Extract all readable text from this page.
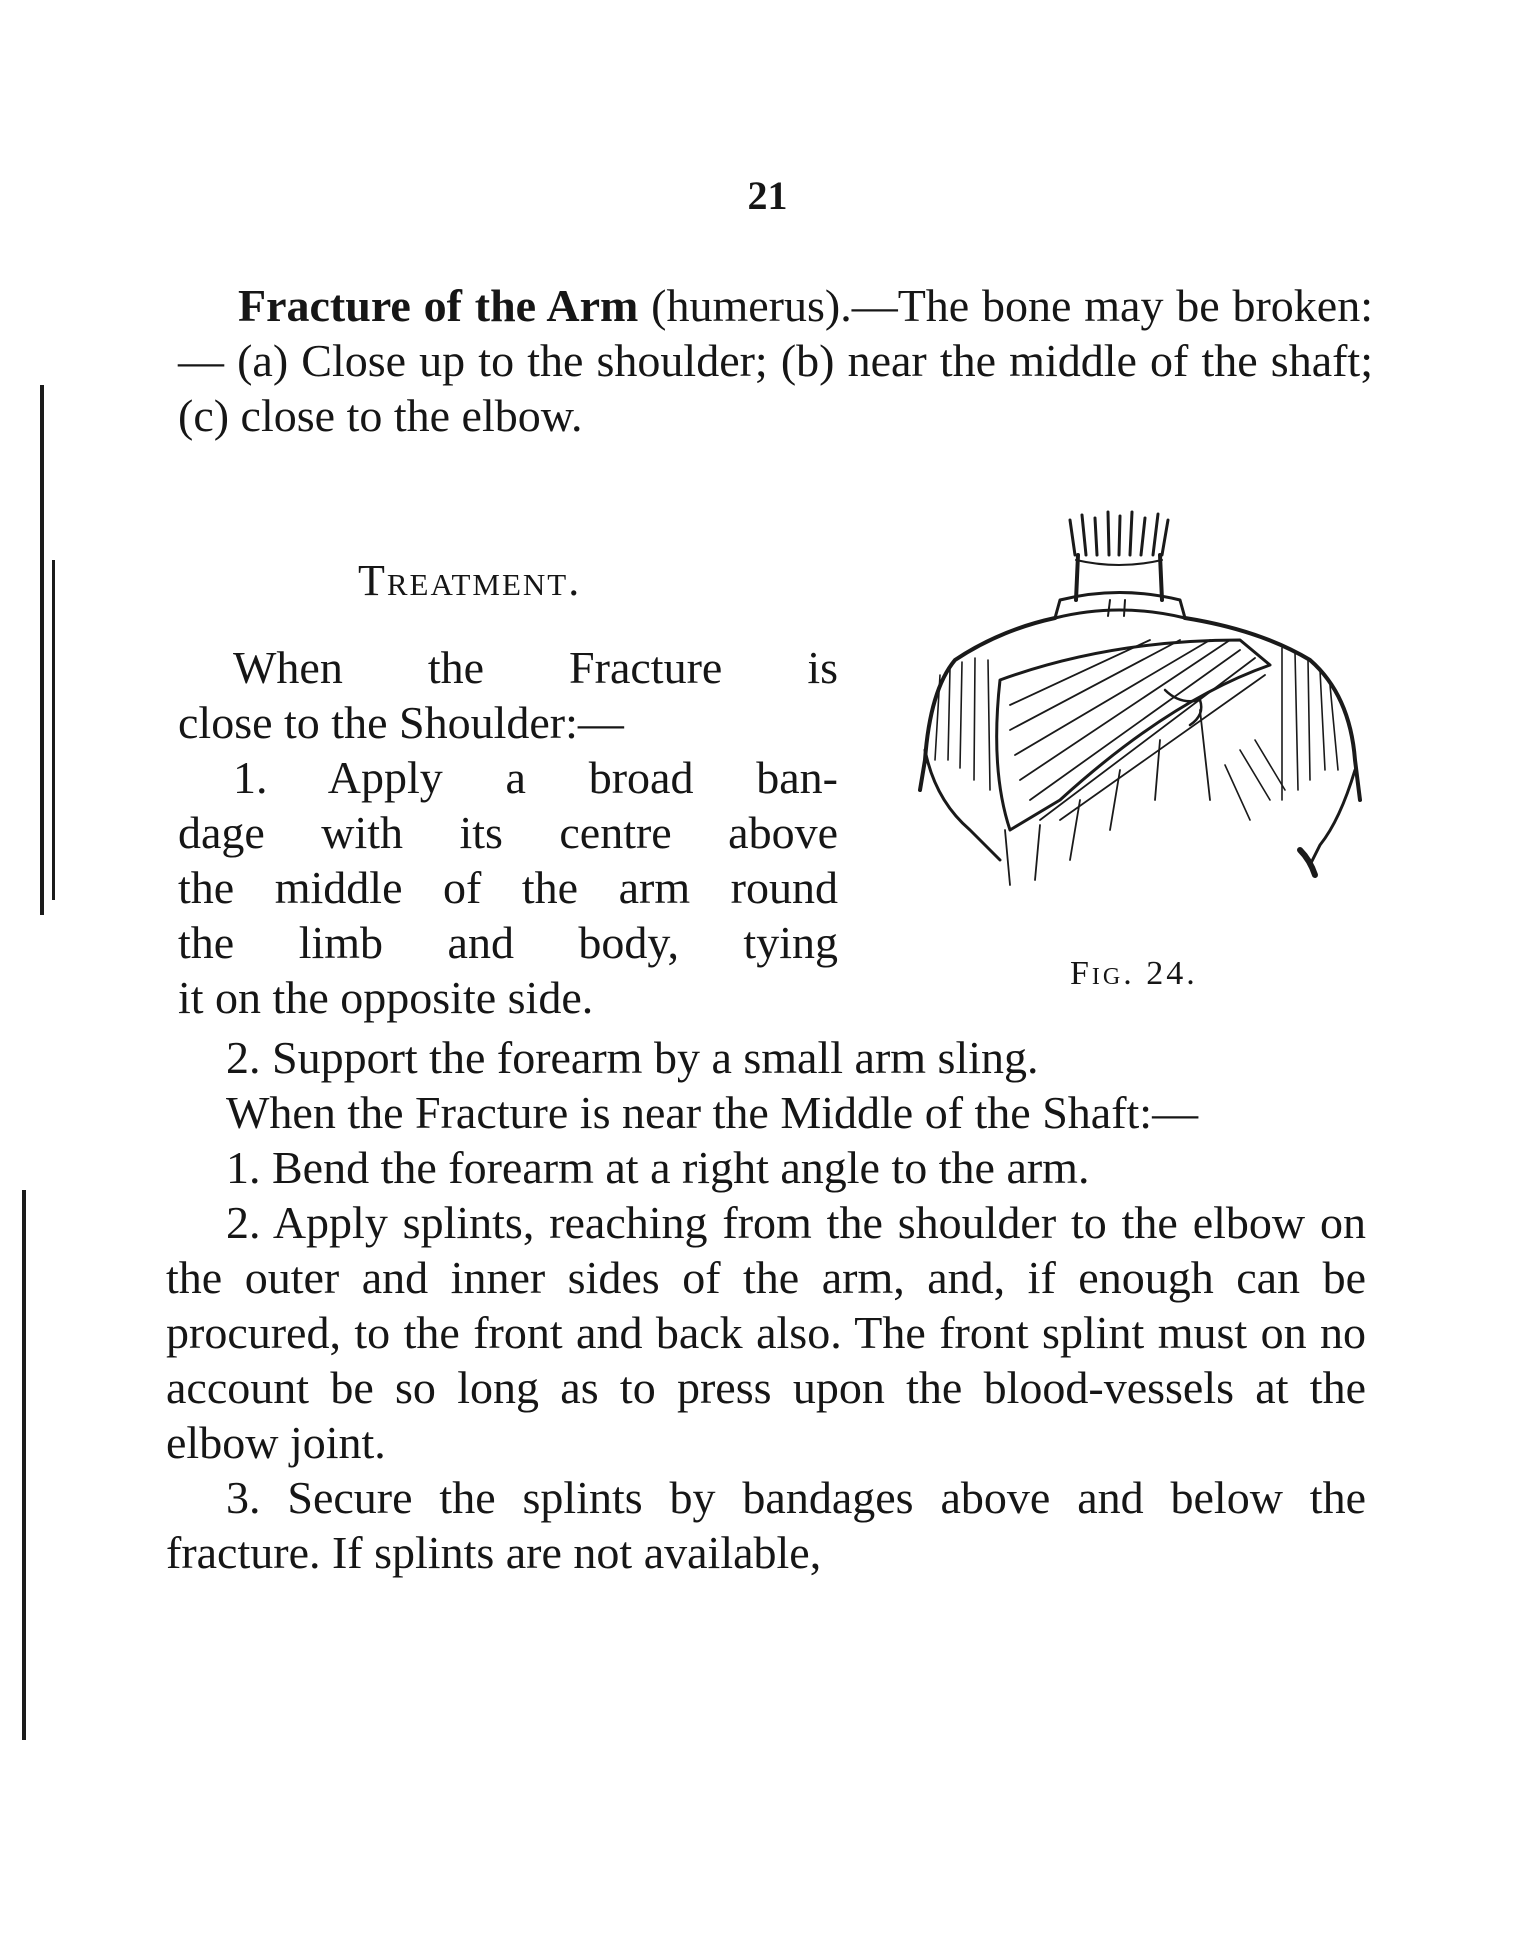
21

Fracture of the Arm (humerus).—The bone may be broken:— (a) Close up to the shoulder; (b) near the middle of the shaft; (c) close to the elbow.

Treatment.
When the Fracture is
close to the Shoulder:—
1. Apply a broad ban-
dage with its centre above
the middle of the arm round
the limb and body, tying
it on the opposite side.	Fig. 24.
2. Support the forearm by a small arm sling.
When the Fracture is near the Middle of the Shaft:—
1. Bend the forearm at a right angle to the arm.
2. Apply splints, reaching from the shoulder to the elbow on the outer and inner sides of the arm, and, if enough can be procured, to the front and back also. The front splint must on no account be so long as to press upon the blood-vessels at the elbow joint.
3. Secure the splints by bandages above and below the fracture. If splints are not available,
